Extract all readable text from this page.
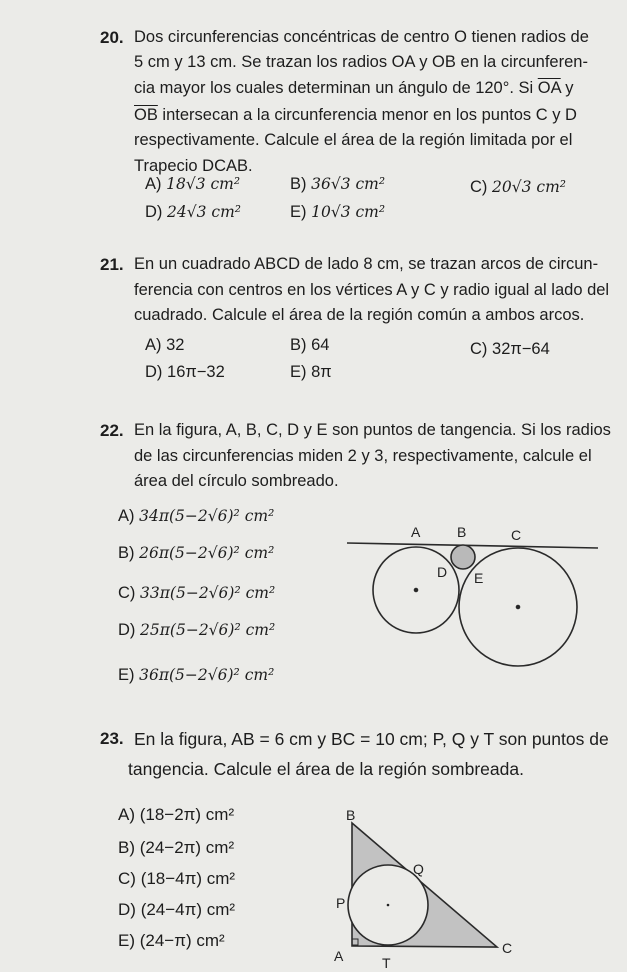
20. Dos circunferencias concéntricas de centro O tienen radios de
5 cm y 13 cm. Se trazan los radios OA y OB en la circunferen-
cia mayor los cuales determinan un ángulo de 120°. Si $\overline{OA}$ y
$\overline{OB}$ intersecan a la circunferencia menor en los puntos C y D
respectivamente. Calcule el área de la región limitada por el
Trapecio DCAB.
A) 18√3 cm²	B) 36√3 cm²	C) 20√3 cm²
D) 24√3 cm²	E) 10√3 cm²
21. En un cuadrado ABCD de lado 8 cm, se trazan arcos de circun-
ferencia con centros en los vértices A y C y radio igual al lado del
cuadrado. Calcule el área de la región común a ambos arcos.
A) 32	B) 64	C) 32π−64
D) 16π−32	E) 8π
22. En la figura, A, B, C, D y E son puntos de tangencia. Si los radios
de las circunferencias miden 2 y 3, respectivamente, calcule el
área del círculo sombreado.
A) 34π(5−2√6)² cm²
B) 26π(5−2√6)² cm²
C) 33π(5−2√6)² cm²
D) 25π(5−2√6)² cm²
E) 36π(5−2√6)² cm²
23. En la figura, AB = 6 cm y BC = 10 cm; P, Q y T son puntos de
tangencia. Calcule el área de la región sombreada.
A) (18−2π) cm²
B) (24−2π) cm²
C) (18−4π) cm²
D) (24−4π) cm²
E) (24−π) cm²
A	B	C
D E
B
Q
P
A	T
C
